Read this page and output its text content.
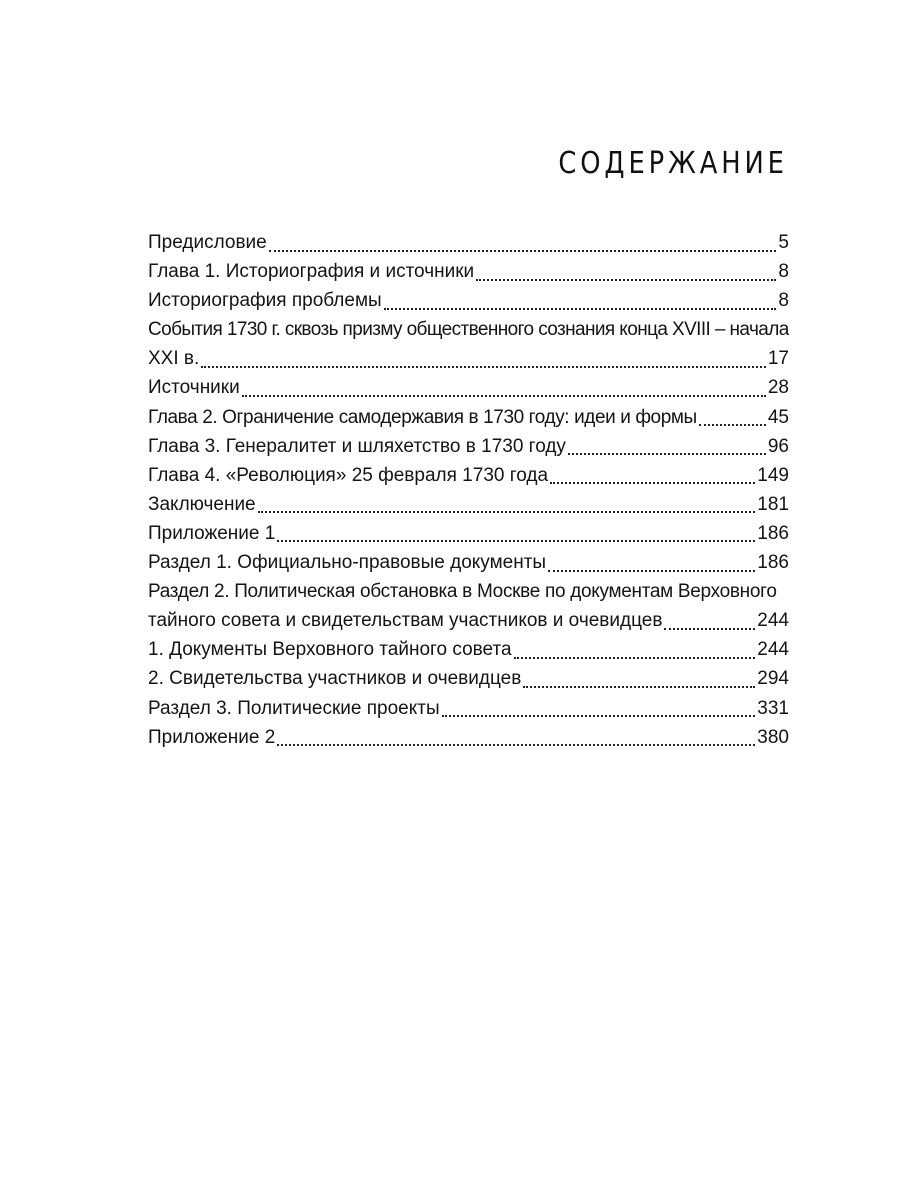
СОДЕРЖАНИЕ
Предисловие	5
Глава 1. Историография и источники	8
Историография проблемы	8
События 1730 г. сквозь призму общественного сознания конца XVIII – начала
XXI в.	17
Источники	28
Глава 2. Ограничение самодержавия в 1730 году: идеи и формы	45
Глава 3. Генералитет и шляхетство в 1730 году	96
Глава 4. «Революция» 25 февраля 1730 года	149
Заключение	181
Приложение 1	186
Раздел 1. Официально-правовые документы	186
Раздел 2. Политическая обстановка в Москве по документам Верховного
тайного совета и свидетельствам участников и очевидцев	244
1. Документы Верховного тайного совета	244
2. Свидетельства участников и очевидцев	294
Раздел 3. Политические проекты	331
Приложение 2	380
